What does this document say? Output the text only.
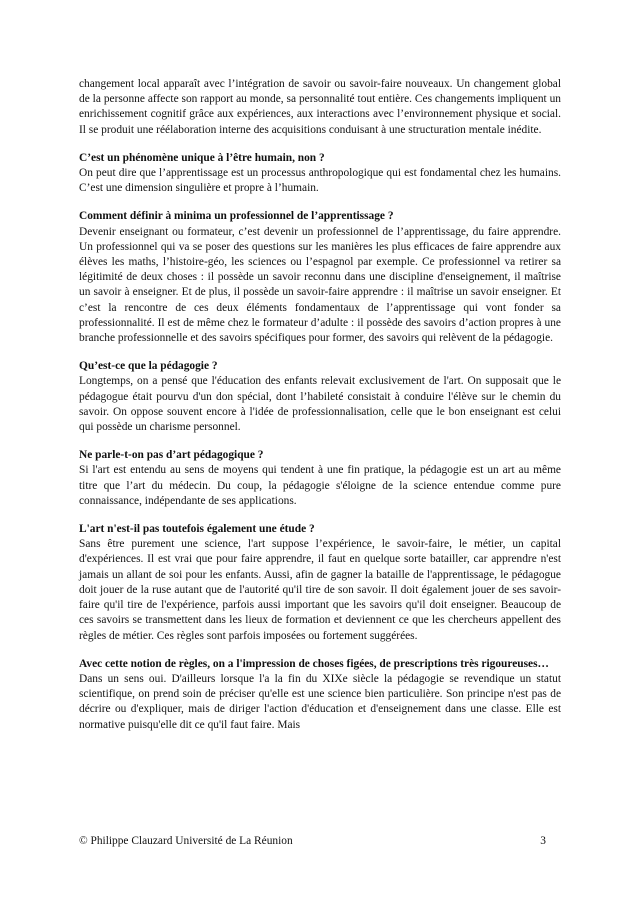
changement local apparaît avec l’intégration de savoir ou savoir-faire nouveaux. Un changement global de la personne affecte son rapport au monde, sa personnalité tout entière. Ces changements impliquent un enrichissement cognitif grâce aux expériences, aux interactions avec l’environnement physique et social. Il se produit une réélaboration interne des acquisitions conduisant à une structuration mentale inédite.

C’est un phénomène unique à l’être humain, non ?

On peut dire que l’apprentissage est un processus anthropologique qui est fondamental chez les humains. C’est une dimension singulière et propre à l’humain.

Comment définir à minima un professionnel de l’apprentissage ?

Devenir enseignant ou formateur, c’est devenir un professionnel de l’apprentissage, du faire apprendre. Un professionnel qui va se poser des questions sur les manières les plus efficaces de faire apprendre aux élèves les maths, l’histoire-géo, les sciences ou l’espagnol par exemple. Ce professionnel va retirer sa légitimité de deux choses : il possède un savoir reconnu dans une discipline d'enseignement, il maîtrise un savoir à enseigner. Et de plus, il possède un savoir-faire apprendre : il maîtrise un savoir enseigner. Et c’est la rencontre de ces deux éléments fondamentaux de l’apprentissage qui vont fonder sa professionnalité. Il est de même chez le formateur d’adulte : il possède des savoirs d’action propres à une branche professionnelle et des savoirs spécifiques pour former, des savoirs qui relèvent de la pédagogie.

Qu’est-ce que la pédagogie ?

Longtemps, on a pensé que l'éducation des enfants relevait exclusivement de l'art. On supposait que le pédagogue était pourvu d'un don spécial, dont l’habileté consistait à conduire l'élève sur le chemin du savoir. On oppose souvent encore à l'idée de professionnalisation, celle que le bon enseignant est celui qui possède un charisme personnel.

Ne parle-t-on pas d’art pédagogique ?

Si l'art est entendu au sens de moyens qui tendent à une fin pratique, la pédagogie est un art au même titre que l’art du médecin. Du coup, la pédagogie s'éloigne de la science entendue comme pure connaissance, indépendante de ses applications.

L'art n'est-il pas toutefois également une étude ?

Sans être purement une science, l'art suppose l’expérience, le savoir-faire, le métier, un capital d'expériences. Il est vrai que pour faire apprendre, il faut en quelque sorte batailler, car apprendre n'est jamais un allant de soi pour les enfants. Aussi, afin de gagner la bataille de l'apprentissage, le pédagogue doit jouer de la ruse autant que de l'autorité qu'il tire de son savoir. Il doit également jouer de ses savoir-faire qu'il tire de l'expérience, parfois aussi important que les savoirs qu'il doit enseigner. Beaucoup de ces savoirs se transmettent dans les lieux de formation et deviennent ce que les chercheurs appellent des règles de métier. Ces règles sont parfois imposées ou fortement suggérées.

Avec cette notion de règles, on a l'impression de choses figées, de prescriptions très rigoureuses…

Dans un sens oui. D'ailleurs lorsque l'a la fin du XIXe siècle la pédagogie se revendique un statut scientifique, on prend soin de préciser qu'elle est une science bien particulière. Son principe n'est pas de décrire ou d'expliquer, mais de diriger l'action d'éducation et d'enseignement dans une classe. Elle est normative puisqu'elle dit ce qu'il faut faire. Mais

© Philippe Clauzard Université de La Réunion	3
